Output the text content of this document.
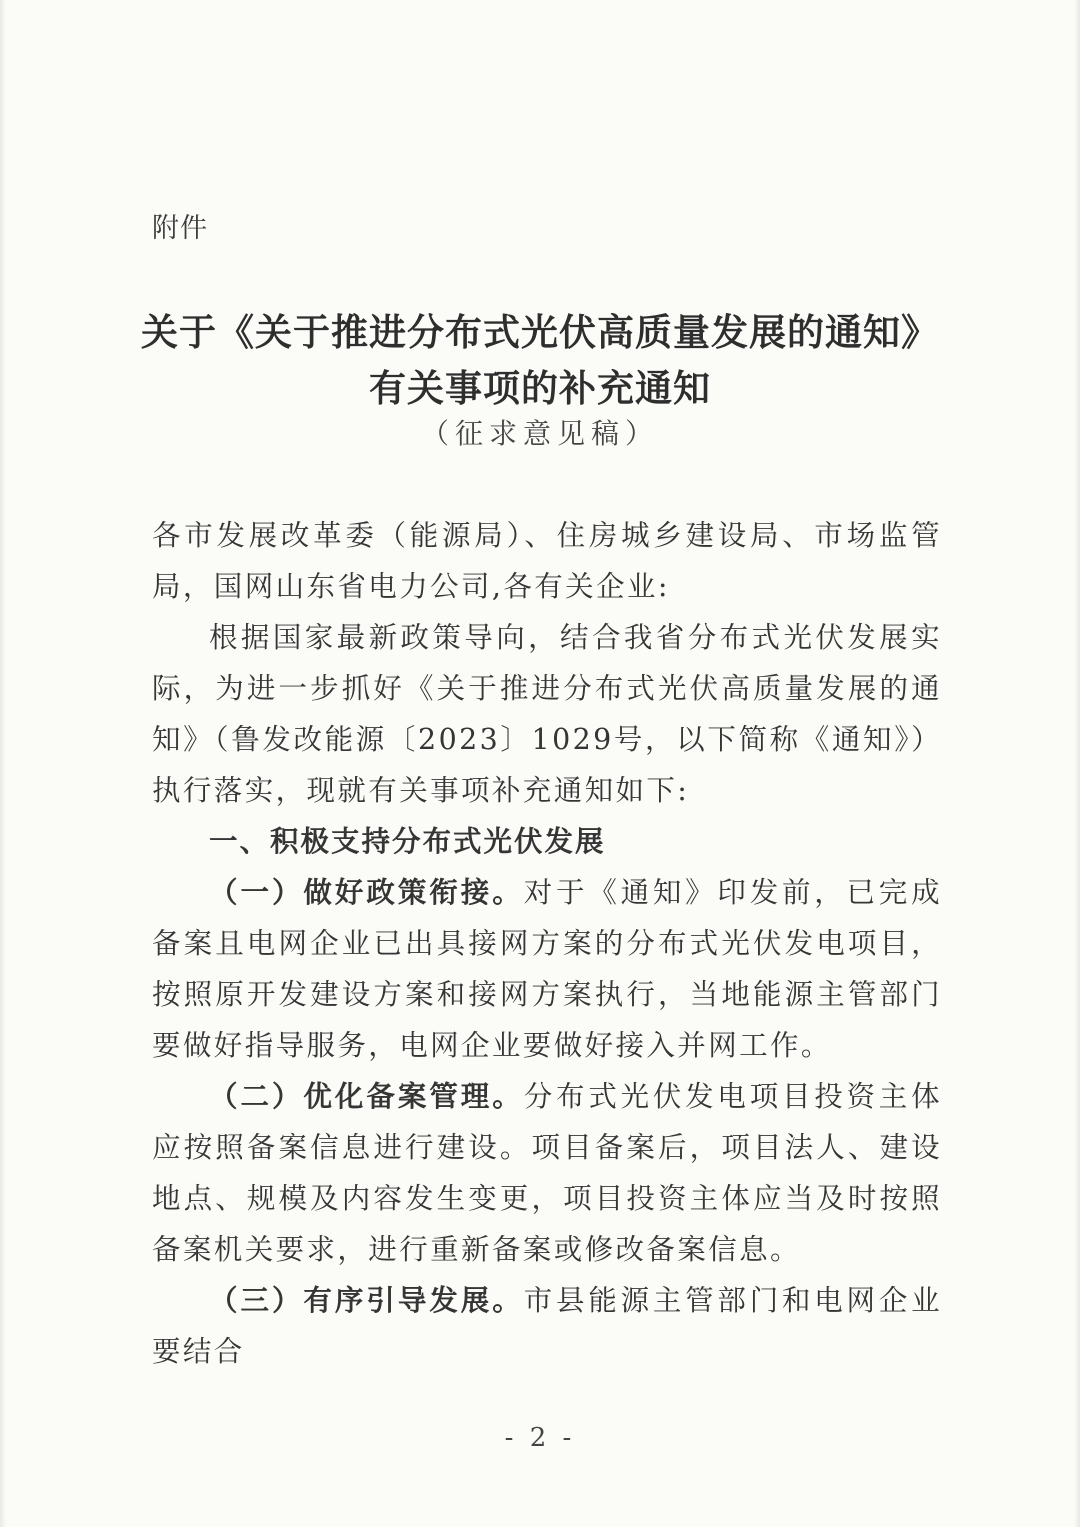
附件
关于《关于推进分布式光伏高质量发展的通知》
有关事项的补充通知
（征求意见稿）

各市发展改革委（能源局）、住房城乡建设局、市场监管局，国网山东省电力公司,各有关企业:

根据国家最新政策导向，结合我省分布式光伏发展实际，为进一步抓好《关于推进分布式光伏高质量发展的通知》（鲁发改能源〔2023〕1029号，以下简称《通知》）执行落实，现就有关事项补充通知如下:

一、积极支持分布式光伏发展

（一）做好政策衔接。对于《通知》印发前，已完成备案且电网企业已出具接网方案的分布式光伏发电项目，按照原开发建设方案和接网方案执行，当地能源主管部门要做好指导服务，电网企业要做好接入并网工作。

（二）优化备案管理。分布式光伏发电项目投资主体应按照备案信息进行建设。项目备案后，项目法人、建设地点、规模及内容发生变更，项目投资主体应当及时按照备案机关要求，进行重新备案或修改备案信息。

（三）有序引导发展。市县能源主管部门和电网企业要结合

- 2 -
